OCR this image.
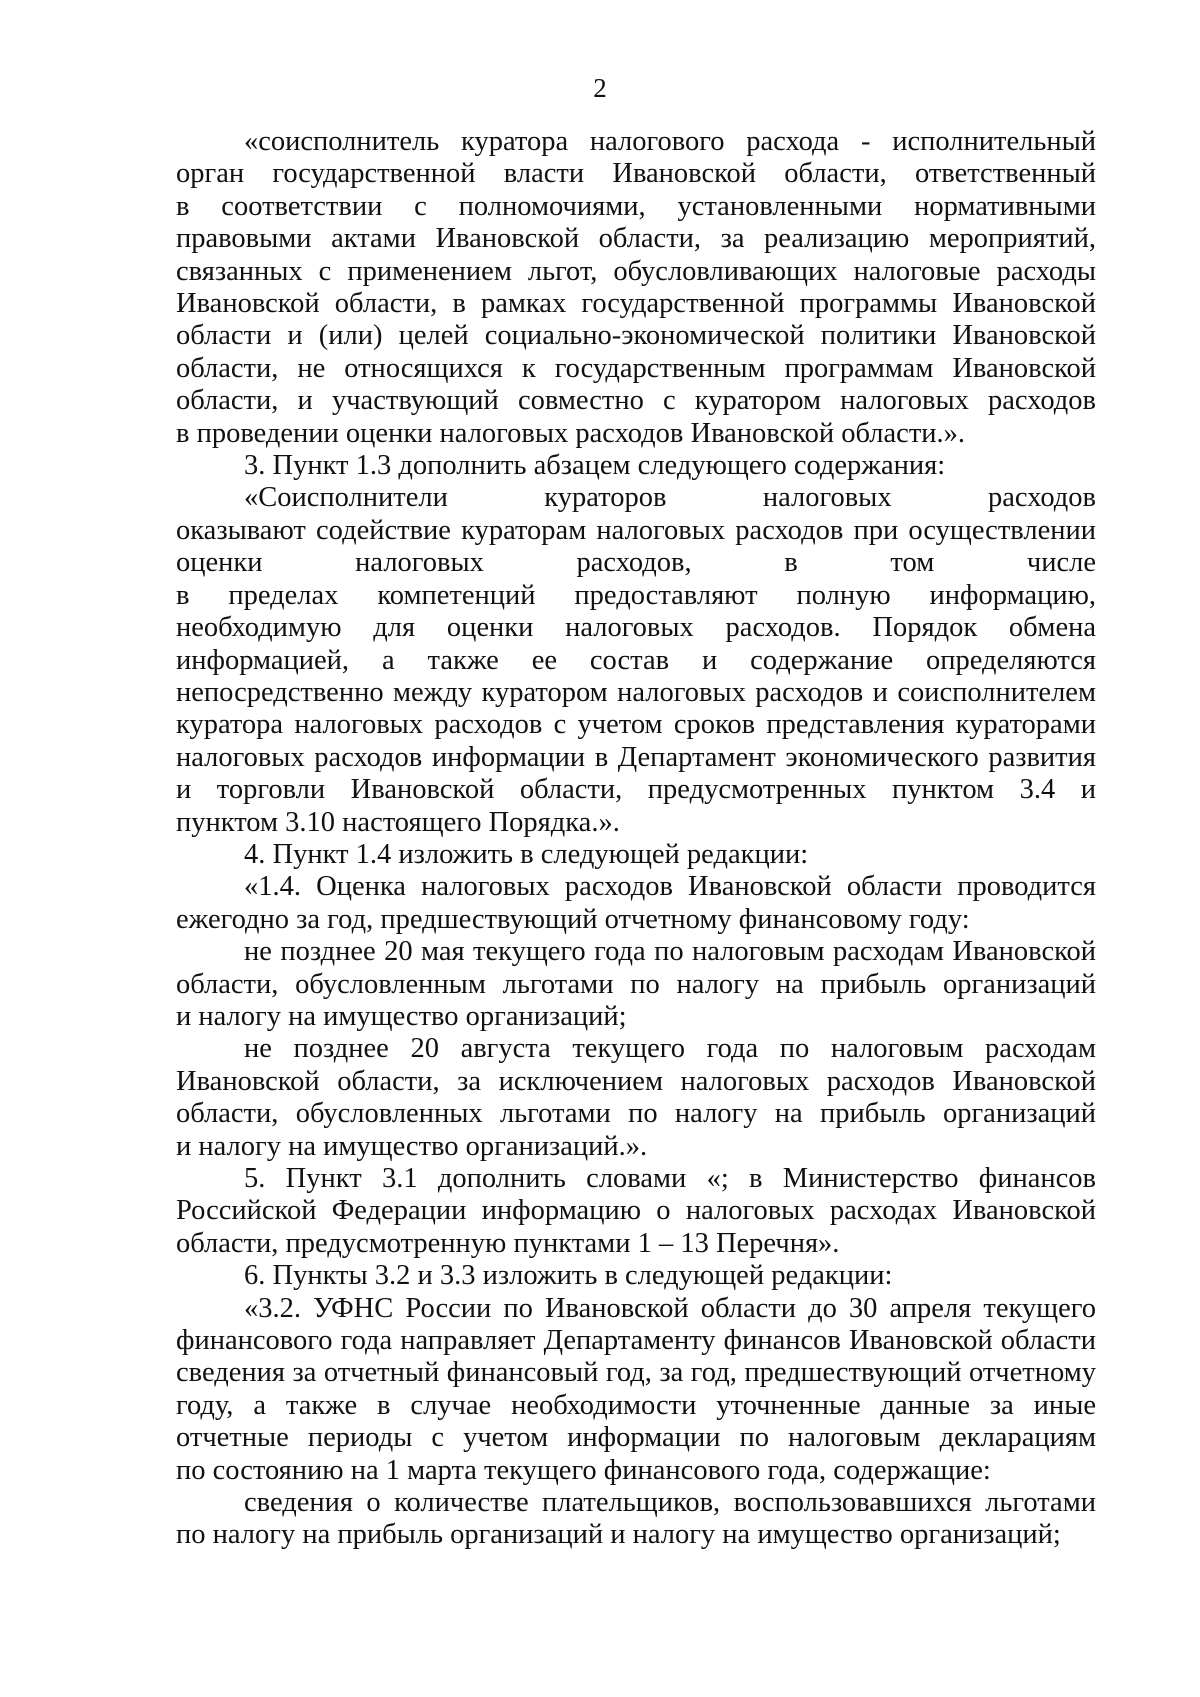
2
«соисполнитель куратора налогового расхода - исполнительный
орган государственной власти Ивановской области, ответственный
в соответствии с полномочиями, установленными нормативными
правовыми актами Ивановской области, за реализацию мероприятий,
связанных с применением льгот, обусловливающих налоговые расходы
Ивановской области, в рамках государственной программы Ивановской
области и (или) целей социально-экономической политики Ивановской
области, не относящихся к государственным программам Ивановской
области, и участвующий совместно с куратором налоговых расходов
в проведении оценки налоговых расходов Ивановской области.».
3. Пункт 1.3 дополнить абзацем следующего содержания:
«Соисполнители кураторов налоговых расходов
оказывают содействие кураторам налоговых расходов при осуществлении
оценки налоговых расходов, в том числе
в пределах компетенций предоставляют полную информацию,
необходимую для оценки налоговых расходов. Порядок обмена
информацией, а также ее состав и содержание определяются
непосредственно между куратором налоговых расходов и соисполнителем
куратора налоговых расходов с учетом сроков представления кураторами
налоговых расходов информации в Департамент экономического развития
и торговли Ивановской области, предусмотренных пунктом 3.4 и
пунктом 3.10 настоящего Порядка.».
4. Пункт 1.4 изложить в следующей редакции:
«1.4. Оценка налоговых расходов Ивановской области проводится
ежегодно за год, предшествующий отчетному финансовому году:
не позднее 20 мая текущего года по налоговым расходам Ивановской
области, обусловленным льготами по налогу на прибыль организаций
и налогу на имущество организаций;
не позднее 20 августа текущего года по налоговым расходам
Ивановской области, за исключением налоговых расходов Ивановской
области, обусловленных льготами по налогу на прибыль организаций
и налогу на имущество организаций.».
5. Пункт 3.1 дополнить словами «; в Министерство финансов
Российской Федерации информацию о налоговых расходах Ивановской
области, предусмотренную пунктами 1 – 13 Перечня».
6. Пункты 3.2 и 3.3 изложить в следующей редакции:
«3.2. УФНС России по Ивановской области до 30 апреля текущего
финансового года направляет Департаменту финансов Ивановской области
сведения за отчетный финансовый год, за год, предшествующий отчетному
году, а также в случае необходимости уточненные данные за иные
отчетные периоды с учетом информации по налоговым декларациям
по состоянию на 1 марта текущего финансового года, содержащие:
сведения о количестве плательщиков, воспользовавшихся льготами
по налогу на прибыль организаций и налогу на имущество организаций;
